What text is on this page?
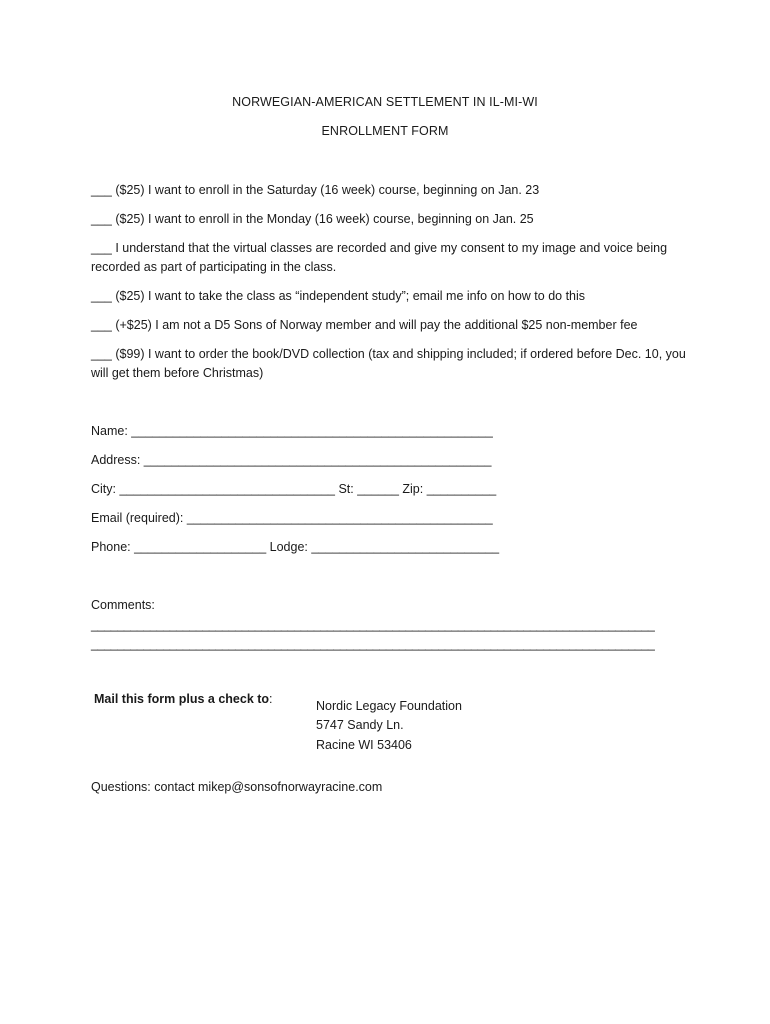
NORWEGIAN-AMERICAN SETTLEMENT IN IL-MI-WI
ENROLLMENT FORM
___ ($25) I want to enroll in the Saturday (16 week) course, beginning on Jan. 23
___ ($25) I want to enroll in the Monday (16 week) course, beginning on Jan. 25
___ I understand that the virtual classes are recorded and give my consent to my image and voice being recorded as part of participating in the class.
___ ($25) I want to take the class as “independent study”; email me info on how to do this
___ (+$25) I am not a D5 Sons of Norway member and will pay the additional $25 non-member fee
___ ($99) I want to order the book/DVD collection (tax and shipping included; if ordered before Dec. 10, you will get them before Christmas)
Name: ____________________________________________________
Address: __________________________________________________
City: _______________________________ St: ______ Zip: __________
Email (required): ____________________________________________
Phone: ___________________ Lodge: ___________________________
Comments:
______________________________________________________________________________________
______________________________________________________________________________________
Mail this form plus a check to:	Nordic Legacy Foundation
5747 Sandy Ln.
Racine WI 53406
Questions: contact mikep@sonsofnorwayracine.com
